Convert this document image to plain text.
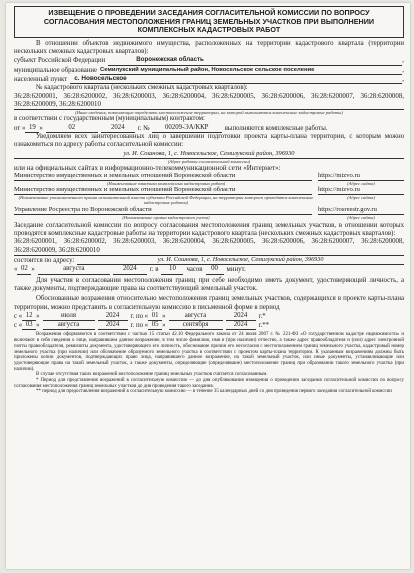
ИЗВЕЩЕНИЕ О ПРОВЕДЕНИИ ЗАСЕДАНИЯ СОГЛАСИТЕЛЬНОЙ КОМИССИИ ПО ВОПРОСУ СОГЛАСОВАНИЯ МЕСТОПОЛОЖЕНИЯ ГРАНИЦ ЗЕМЕЛЬНЫХ УЧАСТКОВ ПРИ ВЫПОЛНЕНИИ КОМПЛЕКСНЫХ КАДАСТРОВЫХ РАБОТ

В отношении объектов недвижимого имущества, расположенных на территории кадастрового квартала (территории нескольких смежных кадастровых кварталов):

субъект Российской Федерации	Воронежская область	,
муниципальное образование Семилукский муниципальный район, Новосельское сельское поселение	,
населенный пункт	с. Новосельское	,

№ кадастрового квартала (нескольких смежных кадастровых кварталов):

36:28:6200001, 36:28:6200002, 36:28:6200003, 36:28:6200004, 36:28:6200005, 36:28:6200006, 36:28:6200007, 36:28:6200008, 36:28:6200009, 36:28:6200010

(Иные сведения, позволяющие определить местоположение территории, на которой выполняются комплексные кадастровые работы)

в соответствии с государственным (муниципальным) контрактом:

от « 19 »	02	2024	г. №	00209-ЭА/ККР	выполняются комплексные работы.

Уведомляем всех заинтересованных лиц о завершении подготовки проекта карты-плана территории, с которым можно ознакомиться по адресу работы согласительной комиссии:

ул. И. Сошнова, 1, с. Новосельское, Семилукский район, 396930

(Адрес работы согласительной комиссии)

или на официальных сайтах в информационно-телекоммуникационной сети «Интернет»:

Министерство имущественных и земельных отношений Воронежской области	https://mizvo.ru
(Наименование заказчика комплексных кадастровых работ)	(Адрес сайта)
Министерство имущественных и земельных отношений Воронежской области	https://mizvo.ru
(Наименование уполномоченного органа исполнительной власти субъекта Российской Федерации, на территории которого проводятся комплексные кадастровые работы)
(Адрес сайта)
Управление Росреестра по Воронежской области	https://rosreestr.gov.ru
(Наименование органа кадастрового учета)	(Адрес сайта)

Заседание согласительной комиссии по вопросу согласования местоположения границ земельных участков, в отношении которых проводятся комплексные кадастровые работы на территории кадастрового квартала (нескольких смежных кадастровых кварталов):

36:28:6200001, 36:28:6200002, 36:28:6200003, 36:28:6200004, 36:28:6200005, 36:28:6200006, 36:28:6200007, 36:28:6200008, 36:28:6200009, 36:28:6200010

состоится по адресу:	ул. И. Сошнова, 1, с. Новосельское, Семилукский район, 396930
« 02 »	августа	2024	г. в	10	часов	00	минут.

Для участия в согласовании местоположения границ при себе необходимо иметь документ, удостоверяющий личность, а также документы, подтверждающие права на соответствующий земельный участок.

Обоснованные возражения относительно местоположения границ земельных участков, содержащихся в проекте карты-плана территории, можно представить в согласительную комиссию в письменной форме в период

с « 12 »	июля	2024	г. по « 01 »	августа	2024	г.*
с « 03 »	августа	2024	г. по « 05 »	сентября	2024	г.**

Возражения оформляются в соответствии с частью 15 статьи 42.10 Федерального закона от 24 июля 2007 г. № 221-ФЗ «О государственном кадастре недвижимости» и включают в себя сведения о лице, направившем данное возражение, в том числе фамилию, имя и (при наличии) отчество, а также адрес правообладателя и (или) адрес электронной почты правообладателя, реквизиты документа, удостоверяющего его личность, обоснование причин его несогласия с местоположением границ земельного участка, кадастровый номер земельного участка (при наличии) или обозначение образуемого земельного участка в соответствии с проектом карты-плана территории. К указанным возражениям должны быть приложены копии документов, подтверждающих право лица, направившего данное возражение, на такой земельный участок, или иные документы, устанавливающие или удостоверяющие права на такой земельный участок, а также документы, определяющие (определявшие) местоположение границ при образовании такого земельного участка (при наличии).

В случае отсутствия таких возражений местоположение границ земельных участков считается согласованным.

* Период для представления возражений в согласительную комиссию — до дня опубликования извещения о проведении заседания согласительной комиссии по вопросу согласования местоположения границ земельных участков до дня проведения такого заседания.

** период для предоставления возражений в согласительную комиссию — в течение 35 календарных дней со дня проведения первого заседания согласительной комиссии
